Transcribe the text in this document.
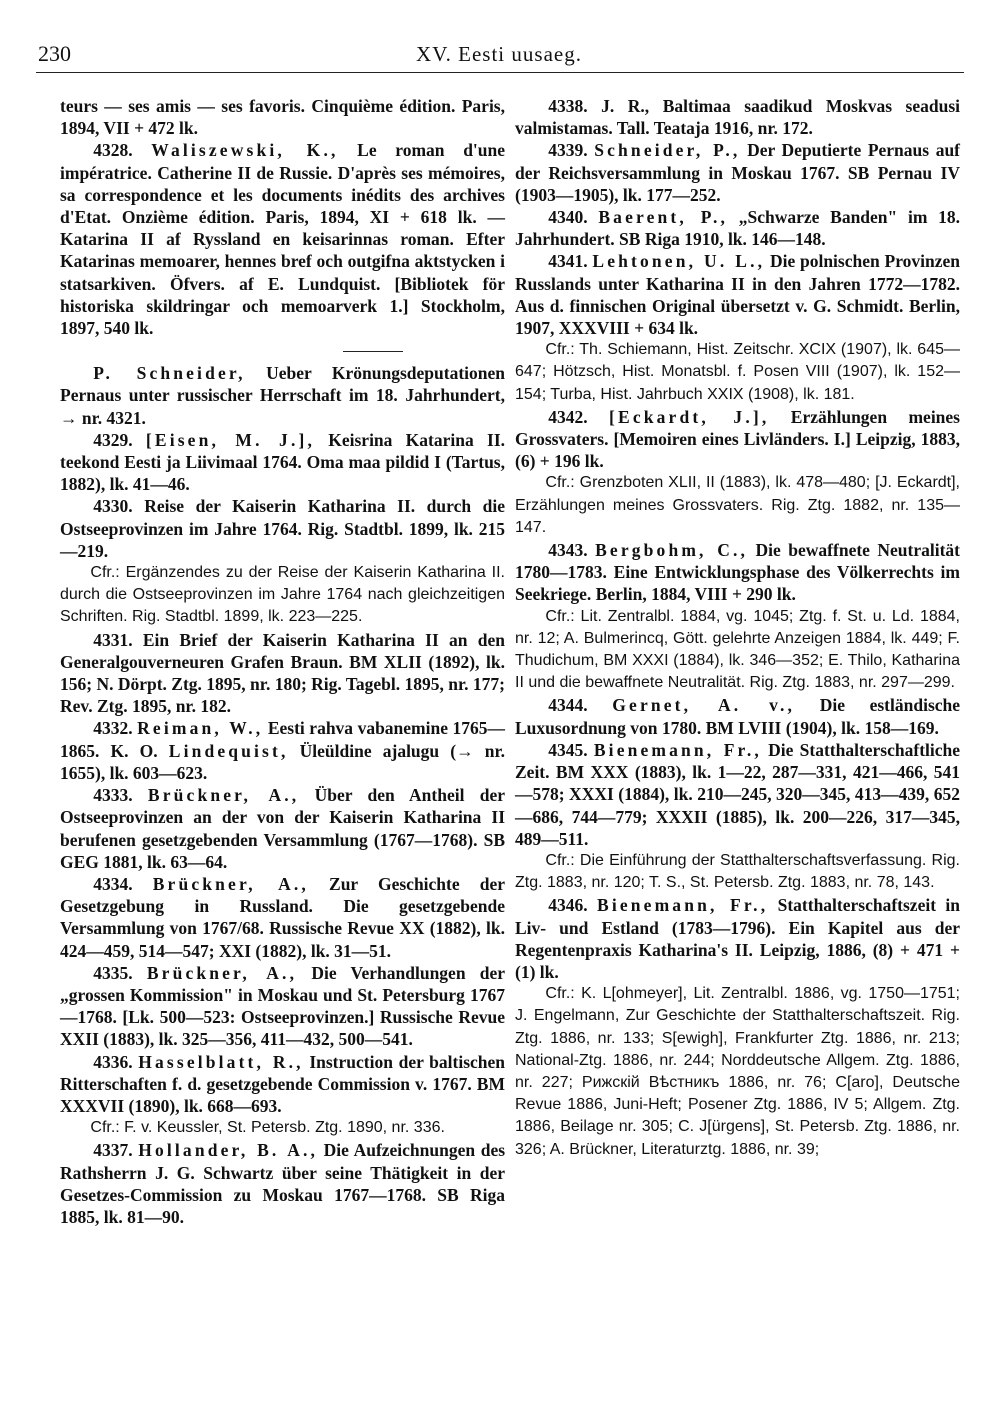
230	XV. Eesti uusaeg.

teurs — ses amis — ses favoris. Cinquième édition. Paris, 1894, VII + 472 lk.

4328. Waliszewski, K., Le roman d'une impératrice. Catherine II de Russie. D'après ses mémoires, sa correspondence et les documents inédits des archives d'Etat. Onzième édition. Paris, 1894, XI + 618 lk. — Katarina II af Ryssland en keisarinnas roman. Efter Katarinas memoarer, hennes bref och outgifna aktstycken i statsarkiven. Öfvers. af E. Lundquist. [Bibliotek för historiska skildringar och memoarverk 1.] Stockholm, 1897, 540 lk.

P. Schneider, Ueber Krönungsdeputationen Pernaus unter russischer Herrschaft im 18. Jahrhundert, → nr. 4321.

4329. [Eisen, M. J.], Keisrina Katarina II. teekond Eesti ja Liivimaal 1764. Oma maa pildid I (Tartus, 1882), lk. 41—46.

4330. Reise der Kaiserin Katharina II. durch die Ostseeprovinzen im Jahre 1764. Rig. Stadtbl. 1899, lk. 215—219.

Cfr.: Ergänzendes zu der Reise der Kaiserin Katharina II. durch die Ostseeprovinzen im Jahre 1764 nach gleichzeitigen Schriften. Rig. Stadtbl. 1899, lk. 223—225.

4331. Ein Brief der Kaiserin Katharina II an den Generalgouverneuren Grafen Braun. BM XLII (1892), lk. 156; N. Dörpt. Ztg. 1895, nr. 180; Rig. Tagebl. 1895, nr. 177; Rev. Ztg. 1895, nr. 182.

4332. Reiman, W., Eesti rahva vabanemine 1765—1865. K. O. Lindequist, Üleüldine ajalugu (→ nr. 1655), lk. 603—623.

4333. Brückner, A., Über den Antheil der Ostseeprovinzen an der von der Kaiserin Katharina II berufenen gesetzgebenden Versammlung (1767—1768). SB GEG 1881, lk. 63—64.

4334. Brückner, A., Zur Geschichte der Gesetzgebung in Russland. Die gesetzgebende Versammlung von 1767/68. Russische Revue XX (1882), lk. 424—459, 514—547; XXI (1882), lk. 31—51.

4335. Brückner, A., Die Verhandlungen der „grossen Kommission" in Moskau und St. Petersburg 1767—1768. [Lk. 500—523: Ostseeprovinzen.] Russische Revue XXII (1883), lk. 325—356, 411—432, 500—541.

4336. Hasselblatt, R., Instruction der baltischen Ritterschaften f. d. gesetzgebende Commission v. 1767. BM XXXVII (1890), lk. 668—693.

Cfr.: F. v. Keussler, St. Petersb. Ztg. 1890, nr. 336.

4337. Hollander, B. A., Die Aufzeichnungen des Rathsherrn J. G. Schwartz über seine Thätigkeit in der Gesetzes-Commission zu Moskau 1767—1768. SB Riga 1885, lk. 81—90.

4338. J. R., Baltimaa saadikud Moskvas seadusi valmistamas. Tall. Teataja 1916, nr. 172.

4339. Schneider, P., Der Deputierte Pernaus auf der Reichsversammlung in Moskau 1767. SB Pernau IV (1903—1905), lk. 177—252.

4340. Baerent, P., „Schwarze Banden" im 18. Jahrhundert. SB Riga 1910, lk. 146—148.

4341. Lehtonen, U. L., Die polnischen Provinzen Russlands unter Katharina II in den Jahren 1772—1782. Aus d. finnischen Original übersetzt v. G. Schmidt. Berlin, 1907, XXXVIII + 634 lk.

Cfr.: Th. Schiemann, Hist. Zeitschr. XCIX (1907), lk. 645—647; Hötzsch, Hist. Monatsbl. f. Posen VIII (1907), lk. 152—154; Turba, Hist. Jahrbuch XXIX (1908), lk. 181.

4342. [Eckardt, J.], Erzählungen meines Grossvaters. [Memoiren eines Livländers. I.] Leipzig, 1883, (6) + 196 lk.

Cfr.: Grenzboten XLII, II (1883), lk. 478—480; [J. Eckardt], Erzählungen meines Grossvaters. Rig. Ztg. 1882, nr. 135—147.

4343. Bergbohm, C., Die bewaffnete Neutralität 1780—1783. Eine Entwicklungsphase des Völkerrechts im Seekriege. Berlin, 1884, VIII + 290 lk.

Cfr.: Lit. Zentralbl. 1884, vg. 1045; Ztg. f. St. u. Ld. 1884, nr. 12; A. Bulmerincq, Gött. gelehrte Anzeigen 1884, lk. 449; F. Thudichum, BM XXXI (1884), lk. 346—352; E. Thilo, Katharina II und die bewaffnete Neutralität. Rig. Ztg. 1883, nr. 297—299.

4344. Gernet, A. v., Die estländische Luxusordnung von 1780. BM LVIII (1904), lk. 158—169.

4345. Bienemann, Fr., Die Statthalterschaftliche Zeit. BM XXX (1883), lk. 1—22, 287—331, 421—466, 541—578; XXXI (1884), lk. 210—245, 320—345, 413—439, 652—686, 744—779; XXXII (1885), lk. 200—226, 317—345, 489—511.

Cfr.: Die Einführung der Statthalterschaftsverfassung. Rig. Ztg. 1883, nr. 120; T. S., St. Petersb. Ztg. 1883, nr. 78, 143.

4346. Bienemann, Fr., Statthalterschaftszeit in Liv- und Estland (1783—1796). Ein Kapitel aus der Regentenpraxis Katharina's II. Leipzig, 1886, (8) + 471 + (1) lk.

Cfr.: K. L[ohmeyer], Lit. Zentralbl. 1886, vg. 1750—1751; J. Engelmann, Zur Geschichte der Statthalterschaftszeit. Rig. Ztg. 1886, nr. 133; S[ewigh], Frankfurter Ztg. 1886, nr. 213; National-Ztg. 1886, nr. 244; Norddeutsche Allgem. Ztg. 1886, nr. 227; Рижскій Вѣстникъ 1886, nr. 76; C[aro], Deutsche Revue 1886, Juni-Heft; Posener Ztg. 1886, IV 5; Allgem. Ztg. 1886, Beilage nr. 305; C. J[ürgens], St. Petersb. Ztg. 1886, nr. 326; A. Brückner, Literaturztg. 1886, nr. 39;
